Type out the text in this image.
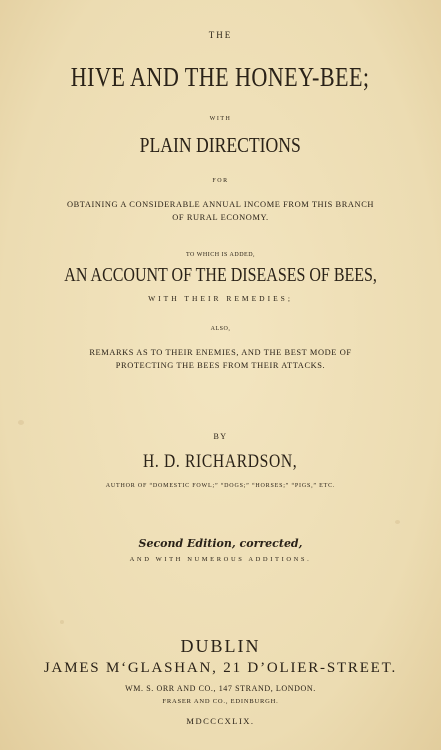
THE
HIVE AND THE HONEY-BEE;
WITH
PLAIN DIRECTIONS
FOR
OBTAINING A CONSIDERABLE ANNUAL INCOME FROM THIS BRANCH
OF RURAL ECONOMY.
TO WHICH IS ADDED,
AN ACCOUNT OF THE DISEASES OF BEES,
WITH THEIR REMEDIES;
ALSO,
REMARKS AS TO THEIR ENEMIES, AND THE BEST MODE OF
PROTECTING THE BEES FROM THEIR ATTACKS.
BY
H. D. RICHARDSON,
AUTHOR OF “DOMESTIC FOWL;” “DOGS;” “HORSES;” “PIGS,” ETC.
Second Edition, corrected,
AND WITH NUMEROUS ADDITIONS.
DUBLIN
JAMES M‘GLASHAN, 21 D’OLIER-STREET.
WM. S. ORR AND CO., 147 STRAND, LONDON.
FRASER AND CO., EDINBURGH.
MDCCCXLIX.
